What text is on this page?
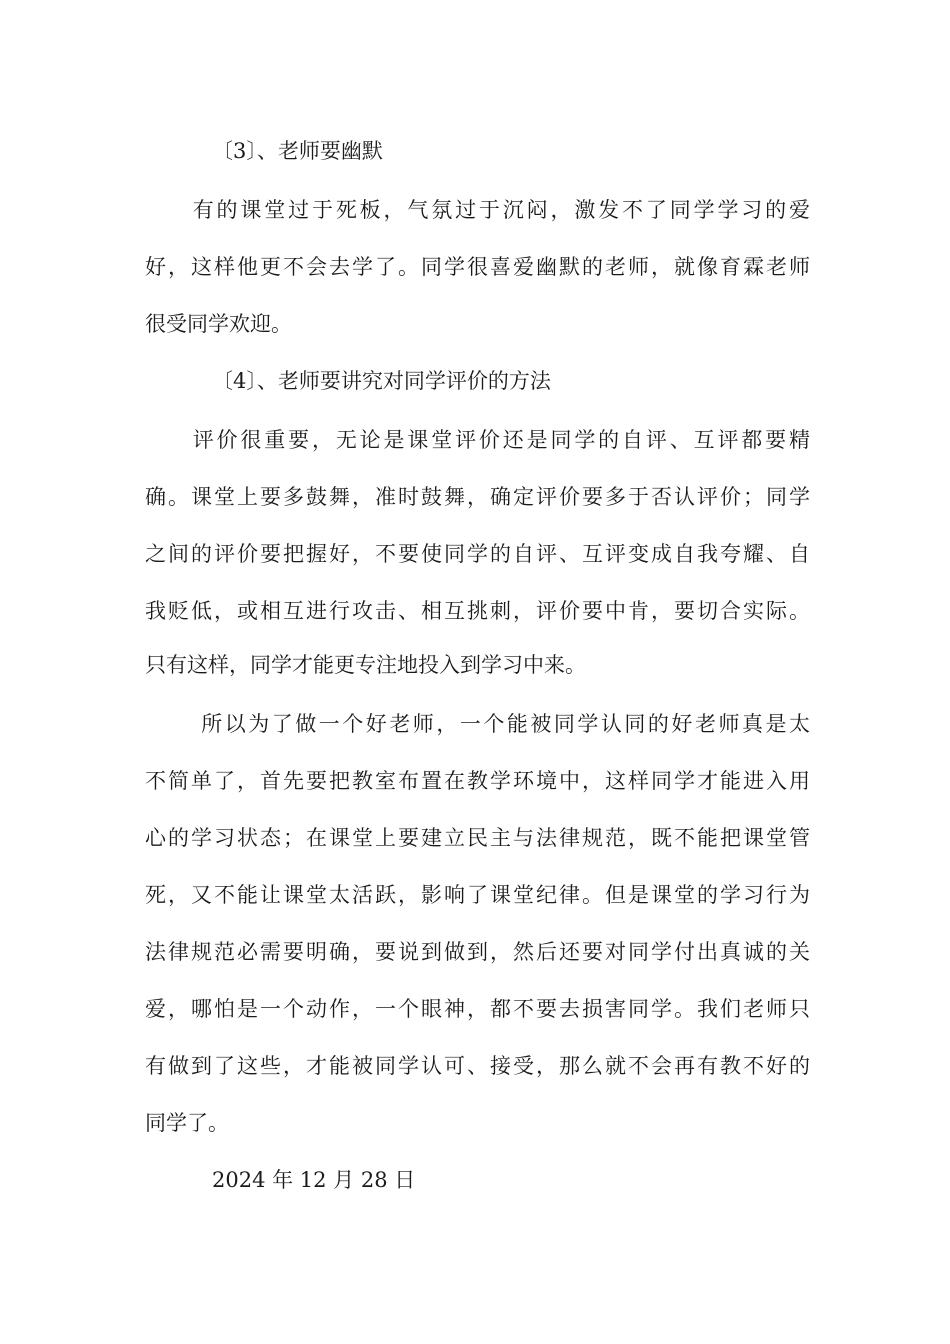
〔3〕、老师要幽默
　　有的课堂过于死板，气氛过于沉闷，激发不了同学学习的爱
好，这样他更不会去学了。同学很喜爱幽默的老师，就像育霖老师
很受同学欢迎。
〔4〕、老师要讲究对同学评价的方法
　　评价很重要，无论是课堂评价还是同学的自评、互评都要精
确。课堂上要多鼓舞，准时鼓舞，确定评价要多于否认评价；同学
之间的评价要把握好，不要使同学的自评、互评变成自我夸耀、自
我贬低，或相互进行攻击、相互挑刺，评价要中肯，要切合实际。
只有这样，同学才能更专注地投入到学习中来。
　　 所以为了做一个好老师，一个能被同学认同的好老师真是太
不简单了，首先要把教室布置在教学环境中，这样同学才能进入用
心的学习状态；在课堂上要建立民主与法律规范，既不能把课堂管
死，又不能让课堂太活跃，影响了课堂纪律。但是课堂的学习行为
法律规范必需要明确，要说到做到，然后还要对同学付出真诚的关
爱，哪怕是一个动作，一个眼神，都不要去损害同学。我们老师只
有做到了这些，才能被同学认可、接受，那么就不会再有教不好的
同学了。
2024 年 12 月 28 日
